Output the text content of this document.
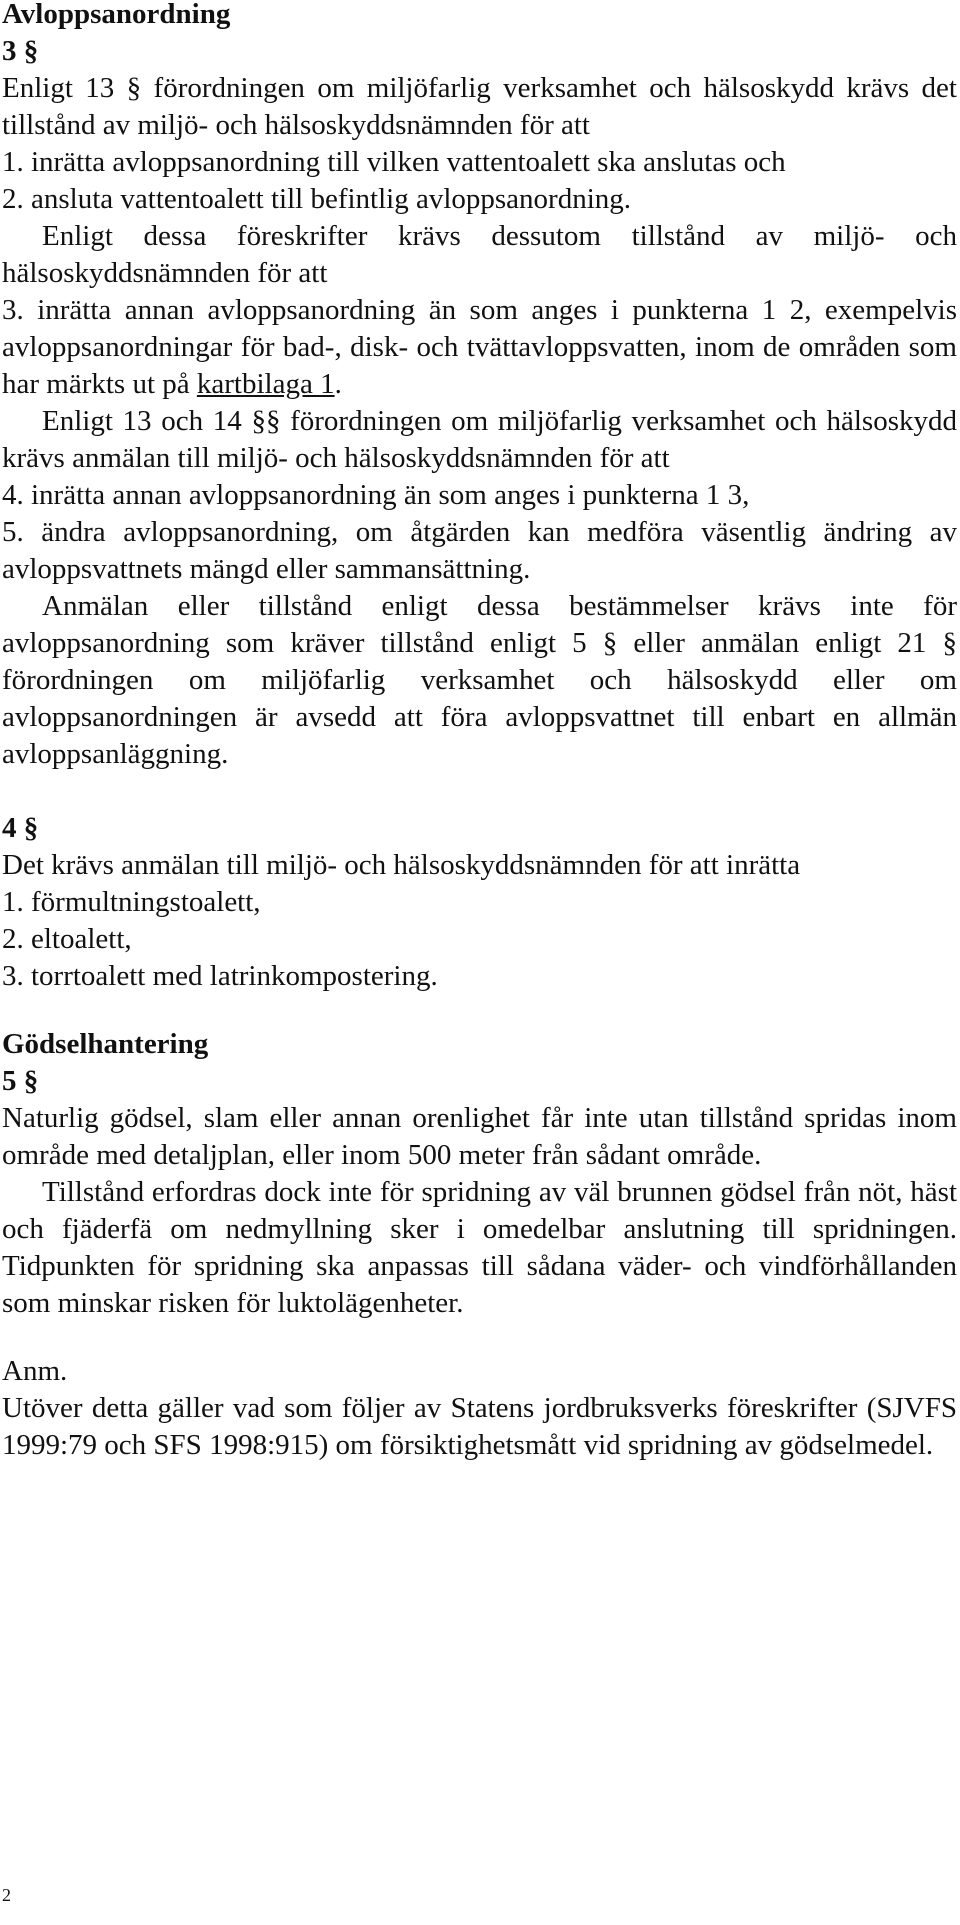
Avloppsanordning

3 §

Enligt 13 § förordningen om miljöfarlig verksamhet och hälsoskydd krävs det tillstånd av miljö- och hälsoskyddsnämnden för att

1. inrätta avloppsanordning till vilken vattentoalett ska anslutas och

2. ansluta vattentoalett till befintlig avloppsanordning.

Enligt dessa föreskrifter krävs dessutom tillstånd av miljö- och hälsoskyddsnämnden för att

3. inrätta annan avloppsanordning än som anges i punkterna 1 2, exempelvis avloppsanordningar för bad-, disk- och tvättavloppsvatten, inom de områden som har märkts ut på kartbilaga 1.

Enligt 13 och 14 §§ förordningen om miljöfarlig verksamhet och hälsoskydd krävs anmälan till miljö- och hälsoskyddsnämnden för att

4. inrätta annan avloppsanordning än som anges i punkterna 1 3,

5. ändra avloppsanordning, om åtgärden kan medföra väsentlig ändring av avloppsvattnets mängd eller sammansättning.

Anmälan eller tillstånd enligt dessa bestämmelser krävs inte för avloppsanordning som kräver tillstånd enligt 5 § eller anmälan enligt 21 § förordningen om miljöfarlig verksamhet och hälsoskydd eller om avloppsanordningen är avsedd att föra avloppsvattnet till enbart en allmän avloppsanläggning.

4 §

Det krävs anmälan till miljö- och hälsoskyddsnämnden för att inrätta

1. förmultningstoalett,

2. eltoalett,

3. torrtoalett med latrinkompostering.

Gödselhantering

5 §

Naturlig gödsel, slam eller annan orenlighet får inte utan tillstånd spridas inom område med detaljplan, eller inom 500 meter från sådant område.

Tillstånd erfordras dock inte för spridning av väl brunnen gödsel från nöt, häst och fjäderfä om nedmyllning sker i omedelbar anslutning till spridningen. Tidpunkten för spridning ska anpassas till sådana väder- och vindförhållanden som minskar risken för luktolägenheter.

Anm.

Utöver detta gäller vad som följer av Statens jordbruksverks föreskrifter (SJVFS 1999:79 och SFS 1998:915) om försiktighetsmått vid spridning av gödselmedel.

2
